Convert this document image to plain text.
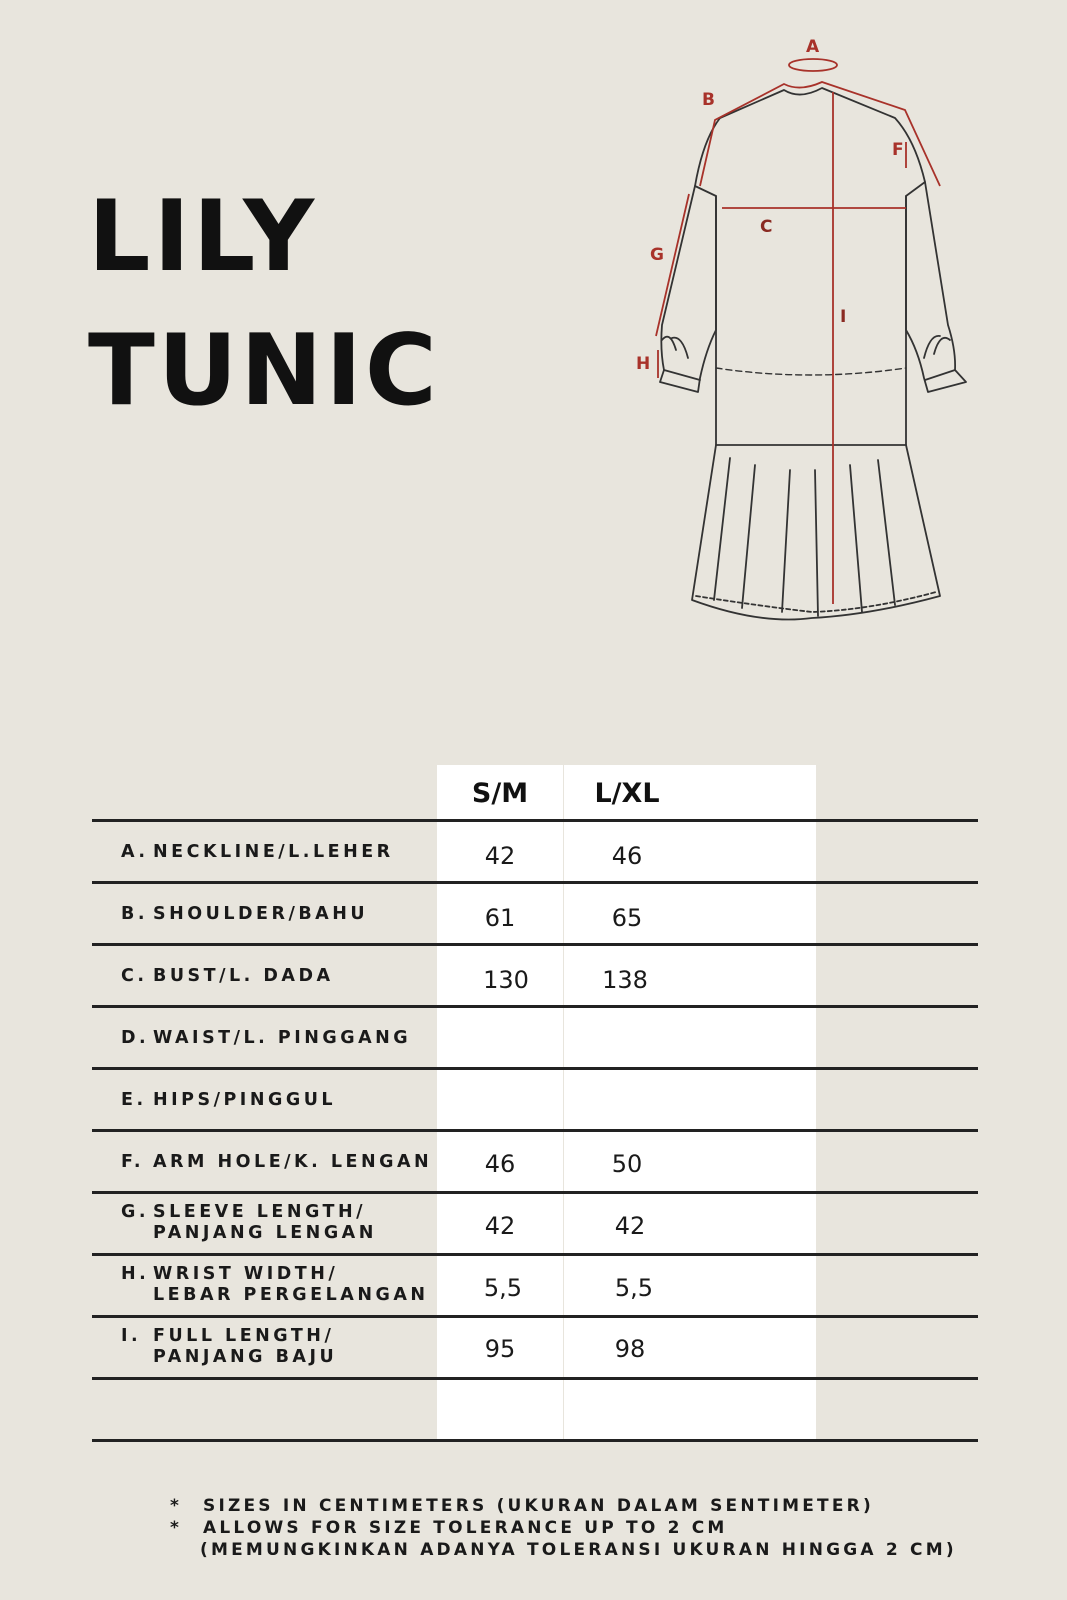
LILY
TUNIC
A
B
F
G
H
C
I
S/M	L/XL
A. NECKLINE/L.LEHER	42	46
B. SHOULDER/BAHU	61	65
C. BUST/L. DADA	130	138
D. WAIST/L. PINGGANG
E. HIPS/PINGGUL
F. ARM HOLE/K. LENGAN	46	50
G. SLEEVE LENGTH/
PANJANG LENGAN	42	42
H. WRIST WIDTH/
LEBAR PERGELANGAN	5,5	5,5
I. FULL LENGTH/
PANJANG BAJU	95	98
* SIZES IN CENTIMETERS (UKURAN DALAM SENTIMETER)
* ALLOWS FOR SIZE TOLERANCE UP TO 2 CM
(MEMUNGKINKAN ADANYA TOLERANSI UKURAN HINGGA 2 CM)
